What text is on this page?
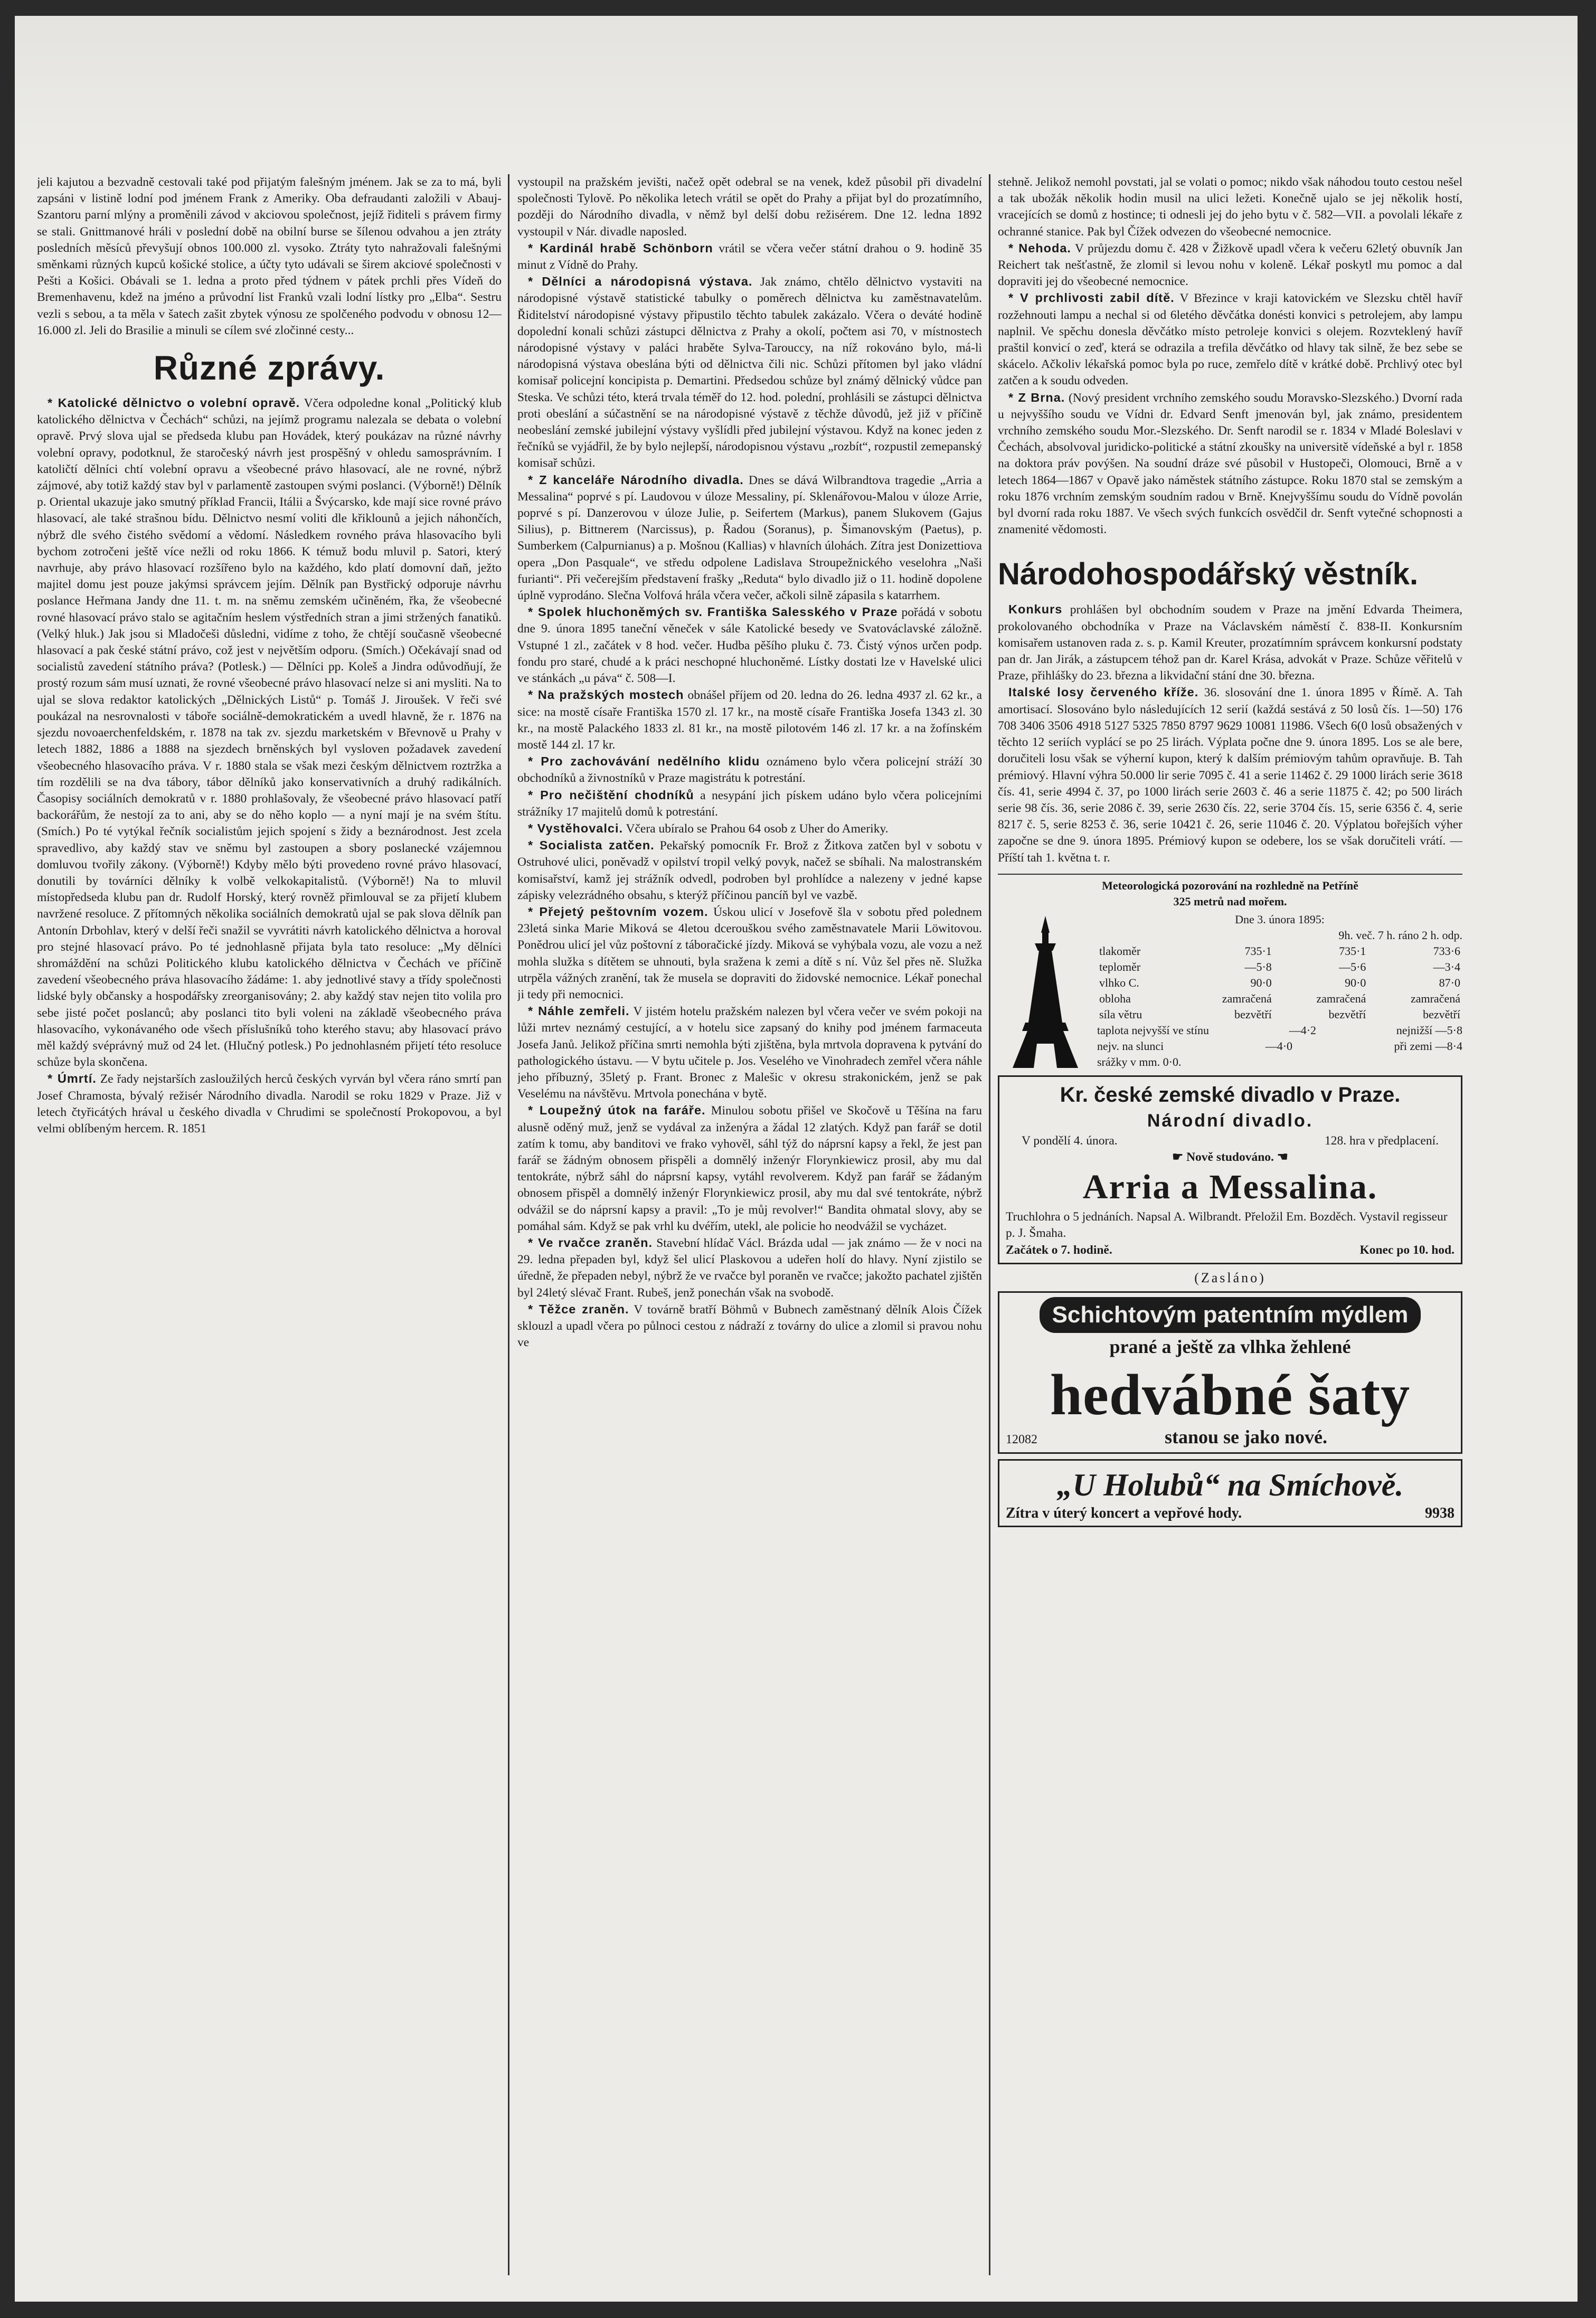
jeli kajutou a bezvadně cestovali také pod přijatým falešným jménem. Jak se za to má, byli zapsáni v listině lodní pod jménem Frank z Ameriky. Oba defraudanti založili v Abauj-Szantoru parní mlýny a proměnili závod v akciovou společnost, jejíž řiditeli s právem firmy se stali. Gnittmanové hráli v poslední době na obilní burse se šílenou odvahou a jen ztráty posledních měsíců převyšují obnos 100.000 zl. vysoko. Ztráty tyto nahražovali falešnými směnkami různých kupců košické stolice, a účty tyto udávali se širem akciové společnosti v Pešti a Košici. Obávali se 1. ledna a proto před týdnem v pátek prchli přes Vídeň do Bremenhavenu, kdež na jméno a průvodní list Franků vzali lodní lístky pro „Elba“. Sestru vezli s sebou, a ta měla v šatech zašit zbytek výnosu ze spolčeného podvodu v obnosu 12—16.000 zl. Jeli do Brasilie a minuli se cílem své zločinné cesty...

Různé zprávy.

* Katolické dělnictvo o volební opravě. Včera odpoledne konal „Politický klub katolického dělnictva v Čechách“ schůzi, na jejímž programu nalezala se debata o volební opravě. Prvý slova ujal se předseda klubu pan Hovádek, který poukázav na různé návrhy volební opravy, podotknul, že staročeský návrh jest prospěšný v ohledu samosprávním. I katoličtí dělníci chtí volební opravu a všeobecné právo hlasovací, ale ne rovné, nýbrž zájmové, aby totiž každý stav byl v parlamentě zastoupen svými poslanci. (Výborně!) Dělník p. Oriental ukazuje jako smutný příklad Francii, Itálii a Švýcarsko, kde mají sice rovné právo hlasovací, ale také strašnou bídu. Dělnictvo nesmí voliti dle křiklounů a jejich náhončích, nýbrž dle svého čistého svědomí a vědomí. Následkem rovného práva hlasovacího byli bychom zotročeni ještě více nežli od roku 1866. K témuž bodu mluvil p. Satori, který navrhuje, aby právo hlasovací rozšířeno bylo na každého, kdo platí domovní daň, ježto majitel domu jest pouze jakýmsi správcem jejím. Dělník pan Bystřický odporuje návrhu poslance Heřmana Jandy dne 11. t. m. na sněmu zemském učiněném, řka, že všeobecné rovné hlasovací právo stalo se agitačním heslem výstředních stran a jimi stržených fanatiků. (Velký hluk.) Jak jsou si Mladočeši důsledni, vidíme z toho, že chtějí současně všeobecné hlasovací a pak české státní právo, což jest v největším odporu. (Smích.) Očekávají snad od socialistů zavedení státního práva? (Potlesk.) — Dělníci pp. Koleš a Jindra odůvodňují, že prostý rozum sám musí uznati, že rovné všeobecné právo hlasovací nelze si ani mysliti. Na to ujal se slova redaktor katolických „Dělnických Listů“ p. Tomáš J. Jiroušek. V řeči své poukázal na nesrovnalosti v táboře sociálně-demokratickém a uvedl hlavně, že r. 1876 na sjezdu novoaerchenfeldském, r. 1878 na tak zv. sjezdu marketském v Břevnově u Prahy v letech 1882, 1886 a 1888 na sjezdech brněnských byl vysloven požadavek zavedení všeobecného hlasovacího práva. V r. 1880 stala se však mezi českým dělnictvem roztržka a tím rozdělili se na dva tábory, tábor dělníků jako konservativních a druhý radikálních. Časopisy sociálních demokratů v r. 1880 prohlašovaly, že všeobecné právo hlasovací patří backorářům, že nestojí za to ani, aby se do něho koplo — a nyní mají je na svém štítu. (Smích.) Po té vytýkal řečník socialistům jejich spojení s židy a beznárodnost. Jest zcela spravedlivo, aby každý stav ve sněmu byl zastoupen a sbory poslanecké vzájemnou domluvou tvořily zákony. (Výborně!) Kdyby mělo býti provedeno rovné právo hlasovací, donutili by továrníci dělníky k volbě velkokapitalistů. (Výborně!) Na to mluvil místopředseda klubu pan dr. Rudolf Horský, který rovněž přimlouval se za přijetí klubem navržené resoluce. Z přítomných několika sociálních demokratů ujal se pak slova dělník pan Antonín Drbohlav, který v delší řeči snažil se vyvrátiti návrh katolického dělnictva a horoval pro stejné hlasovací právo. Po té jednohlasně přijata byla tato resoluce: „My dělníci shromáždění na schůzi Politického klubu katolického dělnictva v Čechách ve příčině zavedení všeobecného práva hlasovacího žádáme: 1. aby jednotlivé stavy a třídy společnosti lidské byly občansky a hospodářsky zreorganisovány; 2. aby každý stav nejen tito volila pro sebe jisté počet poslanců; aby poslanci tito byli voleni na základě všeobecného práva hlasovacího, vykonávaného ode všech příslušníků toho kterého stavu; aby hlasovací právo měl každý svéprávný muž od 24 let. (Hlučný potlesk.) Po jednohlasném přijetí této resoluce schůze byla skončena.

* Úmrtí. Ze řady nejstarších zasloužilých herců českých vyrván byl včera ráno smrtí pan Josef Chramosta, bývalý režisér Národního divadla. Narodil se roku 1829 v Praze. Již v letech čtyřicátých hrával u českého divadla v Chrudimi se společností Prokopovou, a byl velmi oblíbeným hercem. R. 1851

vystoupil na pražském jevišti, načež opět odebral se na venek, kdež působil při divadelní společnosti Tylově. Po několika letech vrátil se opět do Prahy a přijat byl do prozatímního, později do Národního divadla, v němž byl delší dobu režisérem. Dne 12. ledna 1892 vystoupil v Nár. divadle naposled.

* Kardinál hrabě Schönborn vrátil se včera večer státní drahou o 9. hodině 35 minut z Vídně do Prahy.

* Dělníci a národopisná výstava. Jak známo, chtělo dělnictvo vystaviti na národopisné výstavě statistické tabulky o poměrech dělnictva ku zaměstnavatelům. Řiditelství národopisné výstavy připustilo těchto tabulek zakázalo. Včera o deváté hodině dopolední konali schůzi zástupci dělnictva z Prahy a okolí, počtem asi 70, v místnostech národopisné výstavy v paláci hraběte Sylva-Tarouccy, na níž rokováno bylo, má-li národopisná výstava obeslána býti od dělnictva čili nic. Schůzi přítomen byl jako vládní komisař policejní koncipista p. Demartini. Předsedou schůze byl známý dělnický vůdce pan Steska. Ve schůzi této, která trvala téměř do 12. hod. polední, prohlásili se zástupci dělnictva proti obeslání a súčastnění se na národopisné výstavě z těchže důvodů, jež již v příčině neobeslání zemské jubilejní výstavy vyšlídli před jubilejní výstavou. Když na konec jeden z řečníků se vyjádřil, že by bylo nejlepší, národopisnou výstavu „rozbít“, rozpustil zemepanský komisař schůzi.

* Z kanceláře Národního divadla. Dnes se dává Wilbrandtova tragedie „Arria a Messalina“ poprvé s pí. Laudovou v úloze Messaliny, pí. Sklenářovou-Malou v úloze Arrie, poprvé s pí. Danzerovou v úloze Julie, p. Seifertem (Markus), panem Slukovem (Gajus Silius), p. Bittnerem (Narcissus), p. Řadou (Soranus), p. Šimanovským (Paetus), p. Sumberkem (Calpurnianus) a p. Mošnou (Kallias) v hlavních úlohách. Zítra jest Donizettiova opera „Don Pasquale“, ve středu odpolene Ladislava Stroupežnického veselohra „Naši furianti“. Při večerejším představení frašky „Reduta“ bylo divadlo již o 11. hodině dopolene úplně vyprodáno. Slečna Volfová hrála včera večer, ačkoli silně zápasila s katarrhem.

* Spolek hluchoněmých sv. Františka Salesského v Praze pořádá v sobotu dne 9. února 1895 taneční věneček v sále Katolické besedy ve Svatováclavské záložně. Vstupné 1 zl., začátek v 8 hod. večer. Hudba pěšího pluku č. 73. Čistý výnos určen podp. fondu pro staré, chudé a k práci neschopné hluchoněmé. Lístky dostati lze v Havelské ulici ve stánkách „u páva“ č. 508—I.

* Na pražských mostech obnášel příjem od 20. ledna do 26. ledna 4937 zl. 62 kr., a sice: na mostě císaře Františka 1570 zl. 17 kr., na mostě císaře Františka Josefa 1343 zl. 30 kr., na mostě Palackého 1833 zl. 81 kr., na mostě pilotovém 146 zl. 17 kr. a na žofínském mostě 144 zl. 17 kr.

* Pro zachovávání nedělního klidu oznámeno bylo včera policejní stráží 30 obchodníků a živnostníků v Praze magistrátu k potrestání.

* Pro nečištění chodníků a nesypání jich pískem udáno bylo včera policejními strážníky 17 majitelů domů k potrestání.

* Vystěhovalci. Včera ubíralo se Prahou 64 osob z Uher do Ameriky.

* Socialista zatčen. Pekařský pomocník Fr. Brož z Žitkova zatčen byl v sobotu v Ostruhové ulici, poněvadž v opilství tropil velký povyk, načež se sbíhali. Na malostranském komisařství, kamž jej strážník odvedl, podroben byl prohlídce a nalezeny v jedné kapse zápisky velezrádného obsahu, s kterýž příčinou pancíň byl ve vazbě.

* Přejetý peštovním vozem. Úskou ulicí v Josefově šla v sobotu před polednem 23letá sinka Marie Miková se 4letou dcerouškou svého zaměstnavatele Marii Löwitovou. Ponědrou ulicí jel vůz poštovní z táboračické jízdy. Miková se vyhýbala vozu, ale vozu a než mohla služka s dítětem se uhnouti, byla sražena k zemi a dítě s ní. Vůz šel přes ně. Služka utrpěla vážných zranění, tak že musela se dopraviti do židovské nemocnice. Lékař ponechal ji tedy při nemocnici.

* Náhle zemřeli. V jistém hotelu pražském nalezen byl včera večer ve svém pokoji na lůži mrtev neznámý cestující, a v hotelu sice zapsaný do knihy pod jménem farmaceuta Josefa Janů. Jelikož příčina smrti nemohla býti zjištěna, byla mrtvola dopravena k pytvání do pathologického ústavu. — V bytu učitele p. Jos. Veselého ve Vinohradech zemřel včera náhle jeho příbuzný, 35letý p. Frant. Bronec z Malešic v okresu strakonickém, jenž se pak Veselému na návštěvu. Mrtvola ponechána v bytě.

* Loupežný útok na faráře. Minulou sobotu přišel ve Skočově u Těšína na faru alusně oděný muž, jenž se vydával za inženýra a žádal 12 zlatých. Když pan farář se dotil zatím k tomu, aby banditovi ve frako vyhověl, sáhl týž do náprsní kapsy a řekl, že jest pan farář se žádným obnosem přispěli a domnělý inženýr Florynkiewicz prosil, aby mu dal tentokráte, nýbrž sáhl do náprsní kapsy, vytáhl revolverem. Když pan farář se žádaným obnosem přispěl a domnělý inženýr Florynkiewicz prosil, aby mu dal své tentokráte, nýbrž odvážil se do náprsní kapsy a pravil: „To je můj revolver!“ Bandita ohmatal slovy, aby se pomáhal sám. Když se pak vrhl ku dvéřím, utekl, ale policie ho neodvážil se vycházet.

* Ve rvačce zraněn. Stavební hlídač Václ. Brázda udal — jak známo — že v noci na 29. ledna přepaden byl, když šel ulicí Plaskovou a udeřen holí do hlavy. Nyní zjistilo se úředně, že přepaden nebyl, nýbrž že ve rvačce byl poraněn ve rvačce; jakožto pachatel zjištěn byl 24letý slévač Frant. Rubeš, jenž ponechán však na svobodě.

* Těžce zraněn. V továrně bratří Böhmů v Bubnech zaměstnaný dělník Alois Čížek sklouzl a upadl včera po půlnoci cestou z nádraží z továrny do ulice a zlomil si pravou nohu ve

stehně. Jelikož nemohl povstati, jal se volati o pomoc; nikdo však náhodou touto cestou nešel a tak ubožák několik hodin musil na ulici ležeti. Konečně ujalo se jej několik hostí, vracejících se domů z hostince; ti odnesli jej do jeho bytu v č. 582—VII. a povolali lékaře z ochranné stanice. Pak byl Čížek odvezen do všeobecné nemocnice.

* Nehoda. V průjezdu domu č. 428 v Žižkově upadl včera k večeru 62letý obuvník Jan Reichert tak nešťastně, že zlomil si levou nohu v koleně. Lékař poskytl mu pomoc a dal dopraviti jej do všeobecné nemocnice.

* V prchlivosti zabil dítě. V Březince v kraji katovickém ve Slezsku chtěl havíř rozžehnouti lampu a nechal si od 6letého děvčátka donésti konvici s petrolejem, aby lampu naplnil. Ve spěchu donesla děvčátko místo petroleje konvici s olejem. Rozvteklený havíř praštil konvicí o zeď, která se odrazila a trefila děvčátko od hlavy tak silně, že bez sebe se skácelo. Ačkoliv lékařská pomoc byla po ruce, zemřelo dítě v krátké době. Prchlivý otec byl zatčen a k soudu odveden.

* Z Brna. (Nový president vrchního zemského soudu Moravsko-Slezského.) Dvorní rada u nejvyššího soudu ve Vídni dr. Edvard Senft jmenován byl, jak známo, presidentem vrchního zemského soudu Mor.-Slezského. Dr. Senft narodil se r. 1834 v Mladé Boleslavi v Čechách, absolvoval juridicko-politické a státní zkoušky na universitě vídeňské a byl r. 1858 na doktora práv povýšen. Na soudní dráze své působil v Hustopeči, Olomouci, Brně a v letech 1864—1867 v Opavě jako náměstek státního zástupce. Roku 1870 stal se zemským a roku 1876 vrchním zemským soudním radou v Brně. Knejvyššímu soudu do Vídně povolán byl dvorní rada roku 1887. Ve všech svých funkcích osvědčil dr. Senft vytečné schopnosti a znamenité vědomosti.

Národohospodářský věstník.

Konkurs prohlášen byl obchodním soudem v Praze na jmění Edvarda Theimera, prokolovaného obchodníka v Praze na Václavském náměstí č. 838-II. Konkursním komisařem ustanoven rada z. s. p. Kamil Kreuter, prozatímním správcem konkursní podstaty pan dr. Jan Jirák, a zástupcem téhož pan dr. Karel Krása, advokát v Praze. Schůze věřitelů v Praze, přihlášky do 23. března a likvidační stání dne 30. března.

Italské losy červeného kříže. 36. slosování dne 1. února 1895 v Římě. A. Tah amortisací. Slosováno bylo následujících 12 serií (každá sestává z 50 losů čís. 1—50) 176 708 3406 3506 4918 5127 5325 7850 8797 9629 10081 11986. Všech 6(0 losů obsažených v těchto 12 seriích vyplácí se po 25 lirách. Výplata počne dne 9. února 1895. Los se ale bere, doručiteli losu však se výherní kupon, který k dalším prémiovým tahům opravňuje. B. Tah prémiový. Hlavní výhra 50.000 lir serie 7095 č. 41 a serie 11462 č. 29 1000 lirách serie 3618 čís. 41, serie 4994 č. 37, po 1000 lirách serie 2603 č. 46 a serie 11875 č. 42; po 500 lirách serie 98 čís. 36, serie 2086 č. 39, serie 2630 čís. 22, serie 3704 čís. 15, serie 6356 č. 4, serie 8217 č. 5, serie 8253 č. 36, serie 10421 č. 26, serie 11046 č. 20. Výplatou bořejších výher započne se dne 9. února 1895. Prémiový kupon se odebere, los se však doručiteli vrátí. — Příští tah 1. května t. r.

Meteorologická pozorování na rozhledně na Petříně
325 metrů nad mořem.
Dne 3. února 1895:
9h. več. 7 h. ráno 2 h. odp.
tlakoměr	735·1	735·1	733·6
teploměr	—5·8	—5·6	—3·4
vlhko C.	90·0	90·0	87·0
obloha	zamračená	zamračená	zamračená
síla větru	bezvětří	bezvětří	bezvětří
taplota nejvyšší ve stínu	—4·2	nejnižší —5·8
nejv. na slunci	—4·0	při zemi —8·4
srážky v mm. 0·0.
Kr. české zemské divadlo v Praze.
Národní divadlo.
V pondělí 4. února.	128. hra v předplacení.
☛ Nově studováno. ☚
Arria a Messalina.
Truchlohra o 5 jednáních. Napsal A. Wilbrandt. Přeložil Em. Bozděch. Vystavil regisseur p. J. Šmaha.
Začátek o 7. hodině.	Konec po 10. hod.
(Zasláno)
Schichtovým patentním mýdlem
prané a ještě za vlhka žehlené
hedvábné šaty
12082	stanou se jako nové.
„U Holubů“ na Smíchově.
Zítra v úterý koncert a vepřové hody.	9938
